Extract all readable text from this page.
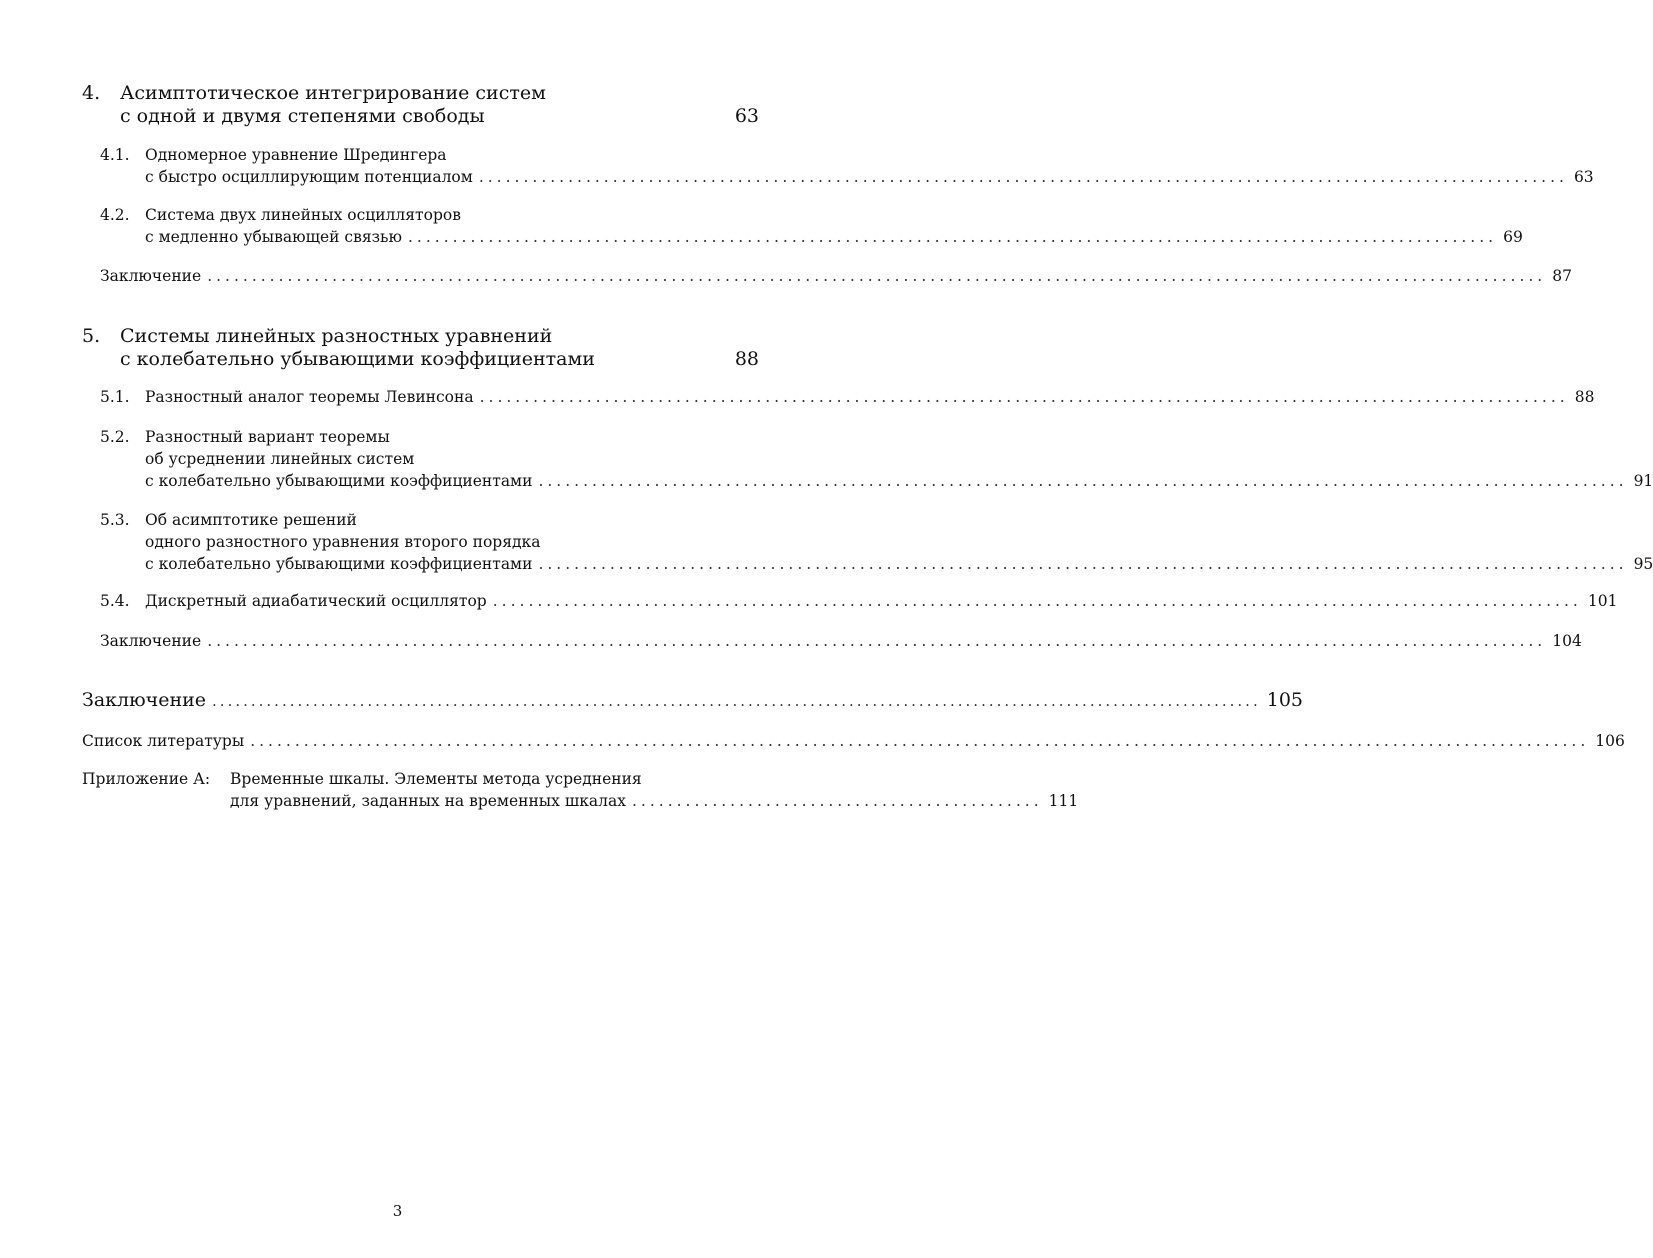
4. Асимптотическое интегрирование систем
с одной и двумя степенями свободы	63
4.1. Одномерное уравнение Шредингера
с быстро осциллирующим потенциалом .......................................................................................................................... 63
4.2. Система двух линейных осцилляторов
с медленно убывающей связью .......................................................................................................................... 69
Заключение ...................................................................................................................................................... 87
5. Системы линейных разностных уравнений
с колебательно убывающими коэффициентами	88
5.1. Разностный аналог теоремы Левинсона .......................................................................................................................... 88
5.2. Разностный вариант теоремы
об усреднении линейных систем
с колебательно убывающими коэффициентами .......................................................................................................................... 91
5.3. Об асимптотике решений
одного разностного уравнения второго порядка
с колебательно убывающими коэффициентами .......................................................................................................................... 95
5.4. Дискретный адиабатический осциллятор .......................................................................................................................... 101
Заключение ...................................................................................................................................................... 104
Заключение ....................................................................................................................................... 105
Список литературы ...................................................................................................................................................... 106
Приложение А: Временные шкалы. Элементы метода усреднения
для уравнений, заданных на временных шкалах .............................................. 111
3
